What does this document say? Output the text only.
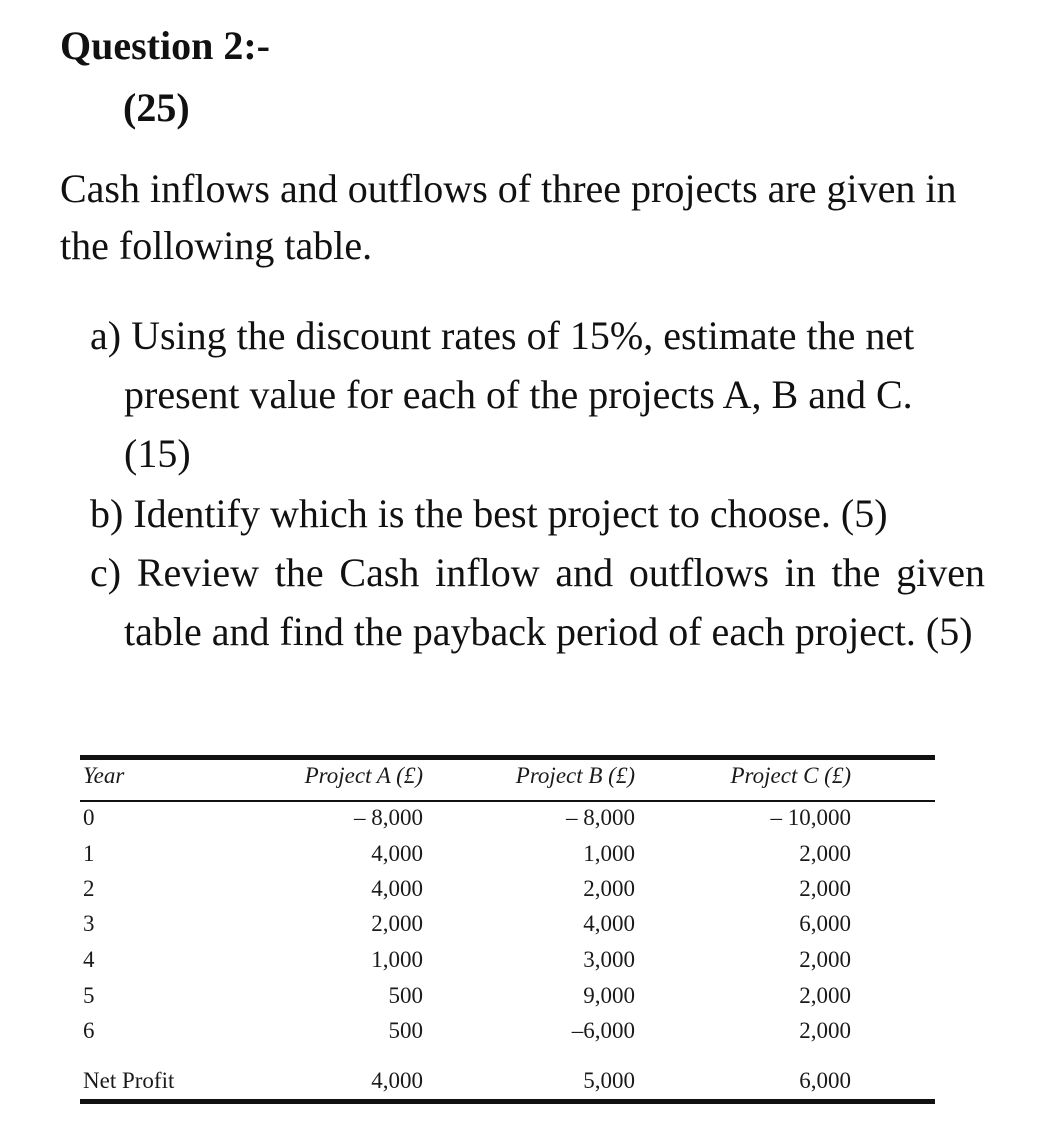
Question 2:-
(25)
Cash inflows and outflows of three projects are given in the following table.
a) Using the discount rates of 15%, estimate the net present value for each of the projects A, B and C. (15)
b) Identify which is the best project to choose. (5)
c) Review the Cash inflow and outflows in the given table and find the payback period of each project. (5)
Year	Project A (£)	Project B (£)	Project C (£)
0	– 8,000	– 8,000	– 10,000
1	4,000	1,000	2,000
2	4,000	2,000	2,000
3	2,000	4,000	6,000
4	1,000	3,000	2,000
5	500	9,000	2,000
6	500	–6,000	2,000
Net Profit	4,000	5,000	6,000
